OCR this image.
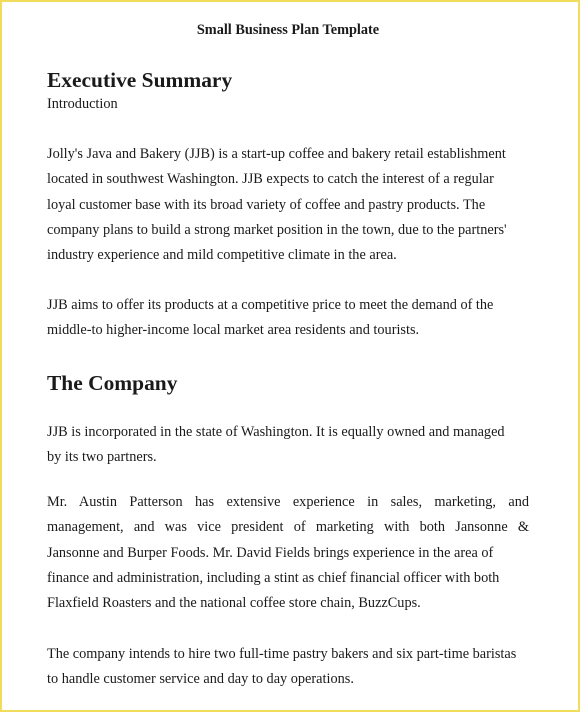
Small Business Plan Template
Executive Summary
Introduction
Jolly's Java and Bakery (JJB) is a start-up coffee and bakery retail establishment
located in southwest Washington. JJB expects to catch the interest of a regular
loyal customer base with its broad variety of coffee and pastry products. The
company plans to build a strong market position in the town, due to the partners'
industry experience and mild competitive climate in the area.
JJB aims to offer its products at a competitive price to meet the demand of the
middle-to higher-income local market area residents and tourists.
The Company
JJB is incorporated in the state of Washington. It is equally owned and managed
by its two partners.
Mr. Austin Patterson has extensive experience in sales, marketing, and
management, and was vice president of marketing with both Jansonne &
Jansonne and Burper Foods. Mr. David Fields brings experience in the area of
finance and administration, including a stint as chief financial officer with both
Flaxfield Roasters and the national coffee store chain, BuzzCups.
The company intends to hire two full-time pastry bakers and six part-time baristas
to handle customer service and day to day operations.
